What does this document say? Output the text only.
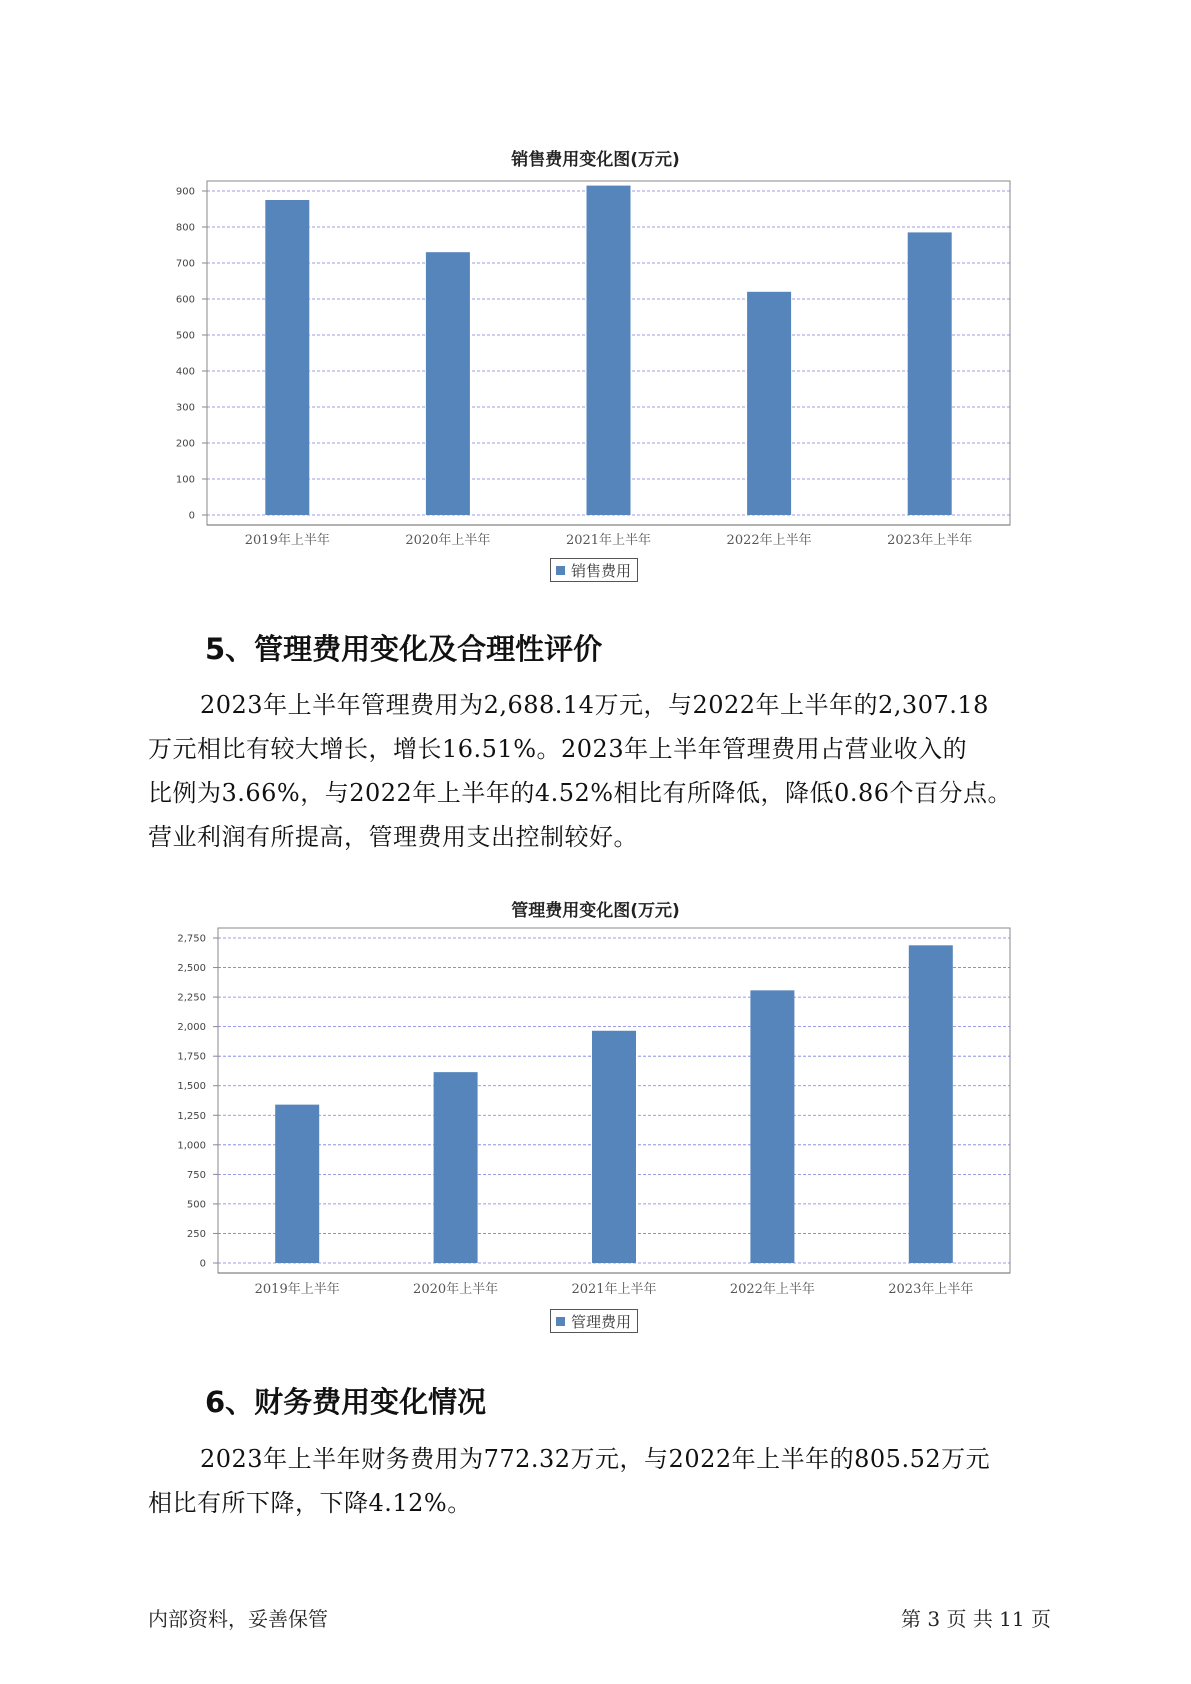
销售费用变化图(万元)
0
100
200
300
400
500
600
700
800
900
2019年上半年	2020年上半年	2021年上半年	2022年上半年	2023年上半年
销售费用
5、管理费用变化及合理性评价
2023年上半年管理费用为2,688.14万元，与2022年上半年的2,307.18
万元相比有较大增长，增长16.51%。2023年上半年管理费用占营业收入的
比例为3.66%，与2022年上半年的4.52%相比有所降低，降低0.86个百分点。
营业利润有所提高，管理费用支出控制较好。
管理费用变化图(万元)
0
250
500
750
1,000
1,250
1,500
1,750
2,000
2,250
2,500
2,750
2019年上半年	2020年上半年	2021年上半年	2022年上半年	2023年上半年
管理费用
6、财务费用变化情况
2023年上半年财务费用为772.32万元，与2022年上半年的805.52万元
相比有所下降，下降4.12%。
内部资料，妥善保管	第 3 页 共 11 页
